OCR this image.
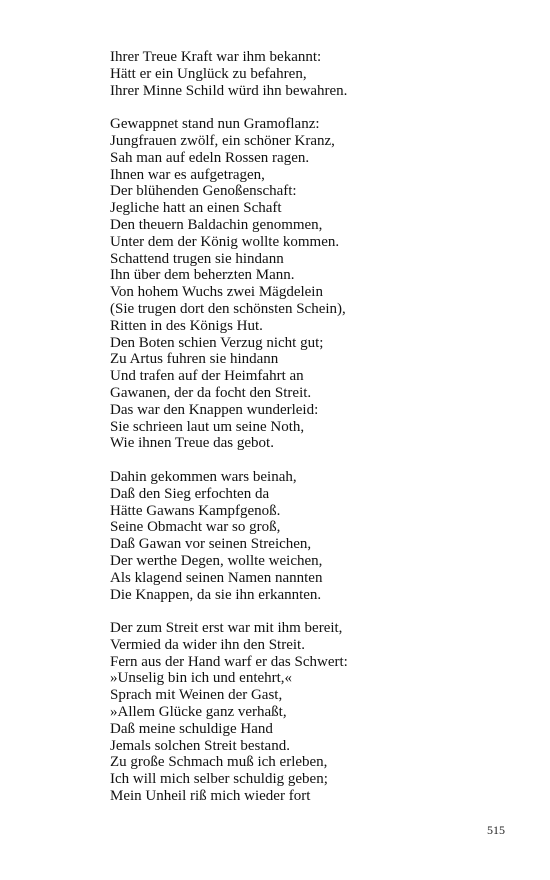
Ihrer Treue Kraft war ihm bekannt:
Hätt er ein Unglück zu befahren,
Ihrer Minne Schild würd ihn bewahren.
Gewappnet stand nun Gramoflanz:
Jungfrauen zwölf, ein schöner Kranz,
Sah man auf edeln Rossen ragen.
Ihnen war es aufgetragen,
Der blühenden Genoßenschaft:
Jegliche hatt an einen Schaft
Den theuern Baldachin genommen,
Unter dem der König wollte kommen.
Schattend trugen sie hindann
Ihn über dem beherzten Mann.
Von hohem Wuchs zwei Mägdelein
(Sie trugen dort den schönsten Schein),
Ritten in des Königs Hut.
Den Boten schien Verzug nicht gut;
Zu Artus fuhren sie hindann
Und trafen auf der Heimfahrt an
Gawanen, der da focht den Streit.
Das war den Knappen wunderleid:
Sie schrieen laut um seine Noth,
Wie ihnen Treue das gebot.
Dahin gekommen wars beinah,
Daß den Sieg erfochten da
Hätte Gawans Kampfgenoß.
Seine Obmacht war so groß,
Daß Gawan vor seinen Streichen,
Der werthe Degen, wollte weichen,
Als klagend seinen Namen nannten
Die Knappen, da sie ihn erkannten.
Der zum Streit erst war mit ihm bereit,
Vermied da wider ihn den Streit.
Fern aus der Hand warf er das Schwert:
»Unselig bin ich und entehrt,«
Sprach mit Weinen der Gast,
»Allem Glücke ganz verhaßt,
Daß meine schuldige Hand
Jemals solchen Streit bestand.
Zu große Schmach muß ich erleben,
Ich will mich selber schuldig geben;
Mein Unheil riß mich wieder fort
515
